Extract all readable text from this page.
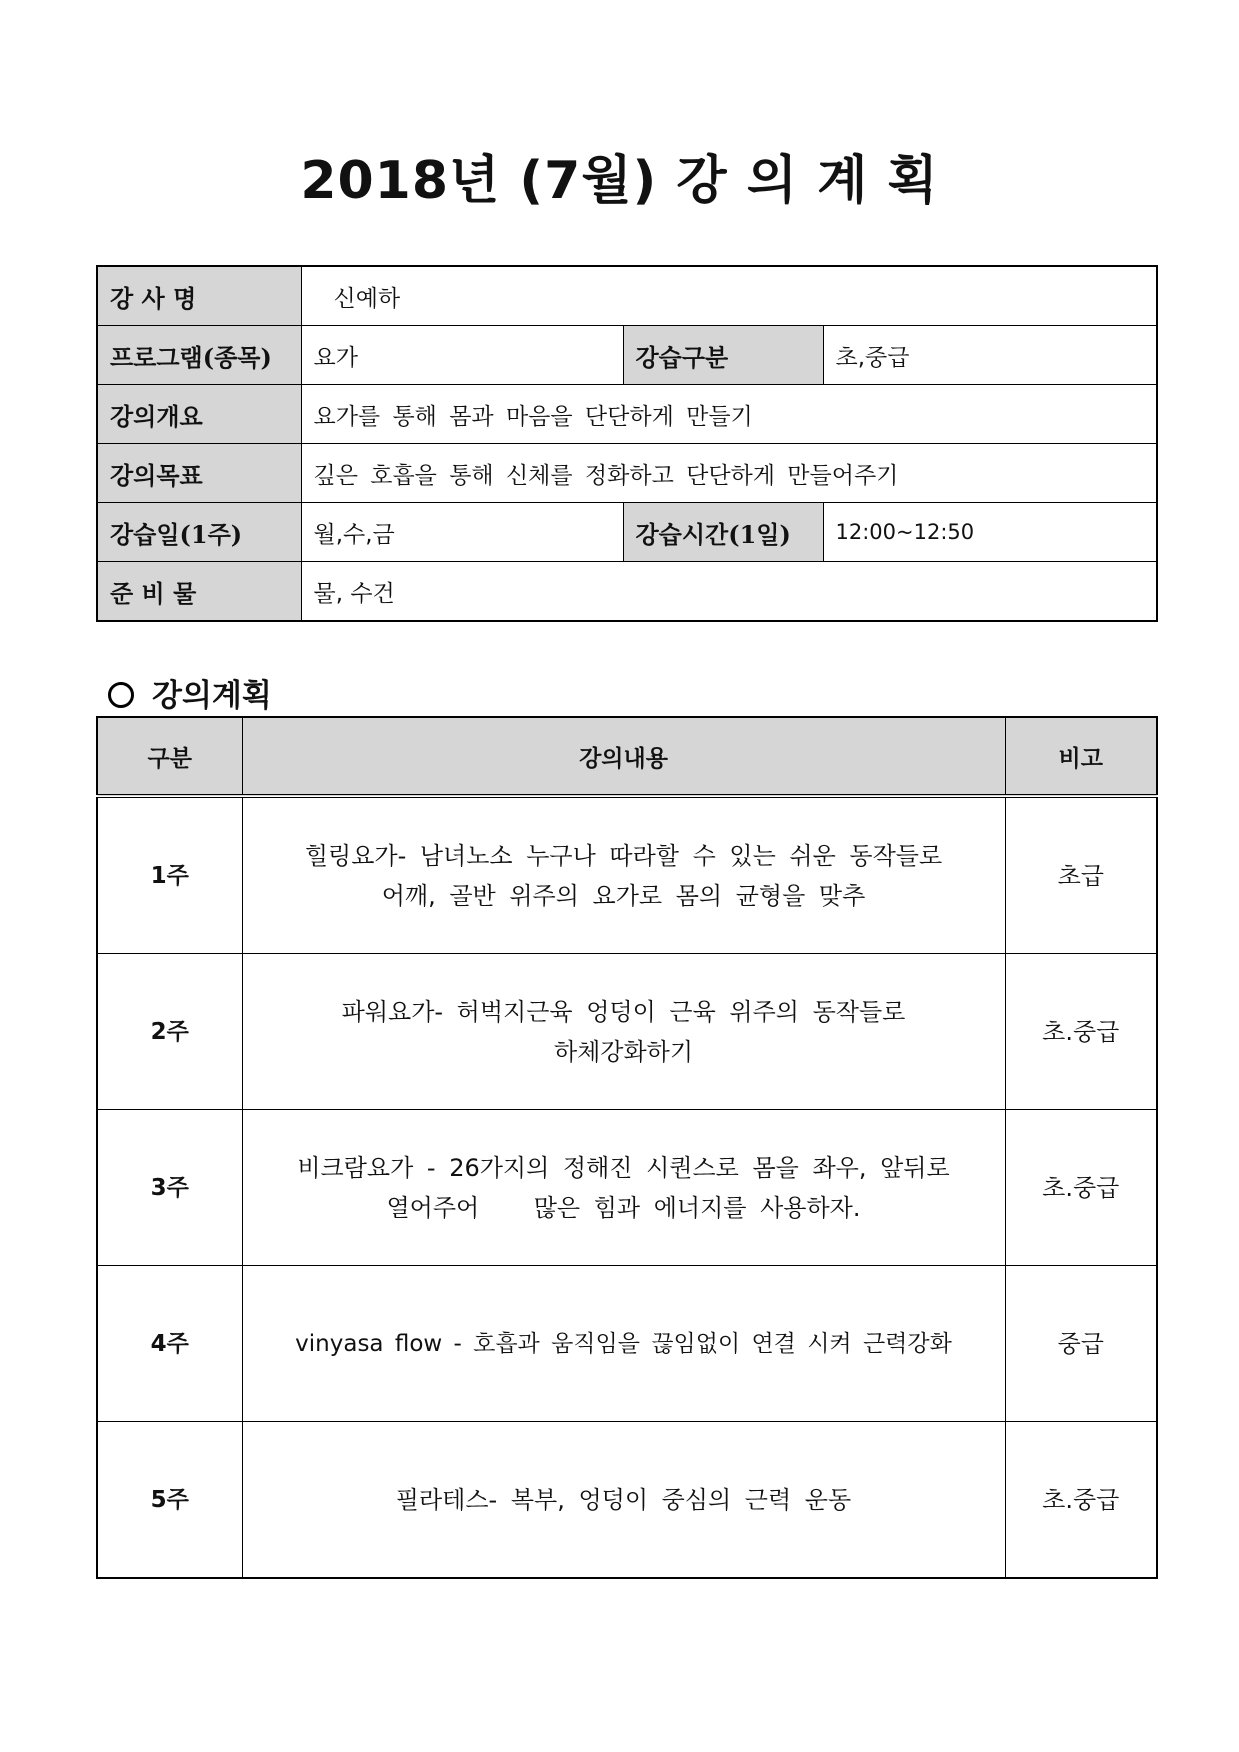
2018년 (7월) 강 의 계 획
강 사 명	신예하		
프로그램(종목)	요가	강습구분	초,중급
강의개요	요가를 통해 몸과 마음을 단단하게 만들기		
강의목표	깊은 호흡을 통해 신체를 정화하고 단단하게 만들어주기		
강습일(1주)	월,수,금	강습시간(1일)	12:00~12:50
준 비 물	물, 수건		
강의계획
구분	강의내용	비고
1주	힐링요가- 남녀노소 누구나 따라할 수 있는 쉬운 동작들로
어깨, 골반 위주의 요가로 몸의 균형을 맞추	초급
2주	파워요가- 허벅지근육 엉덩이 근육 위주의 동작들로
하체강화하기	초.중급
3주	비크람요가 - 26가지의 정해진 시퀀스로 몸을 좌우, 앞뒤로
열어주어    많은 힘과 에너지를 사용하자.	초.중급
4주	vinyasa flow - 호흡과 움직임을 끊임없이 연결 시켜 근력강화	중급
5주	필라테스- 복부, 엉덩이 중심의 근력 운동	초.중급
